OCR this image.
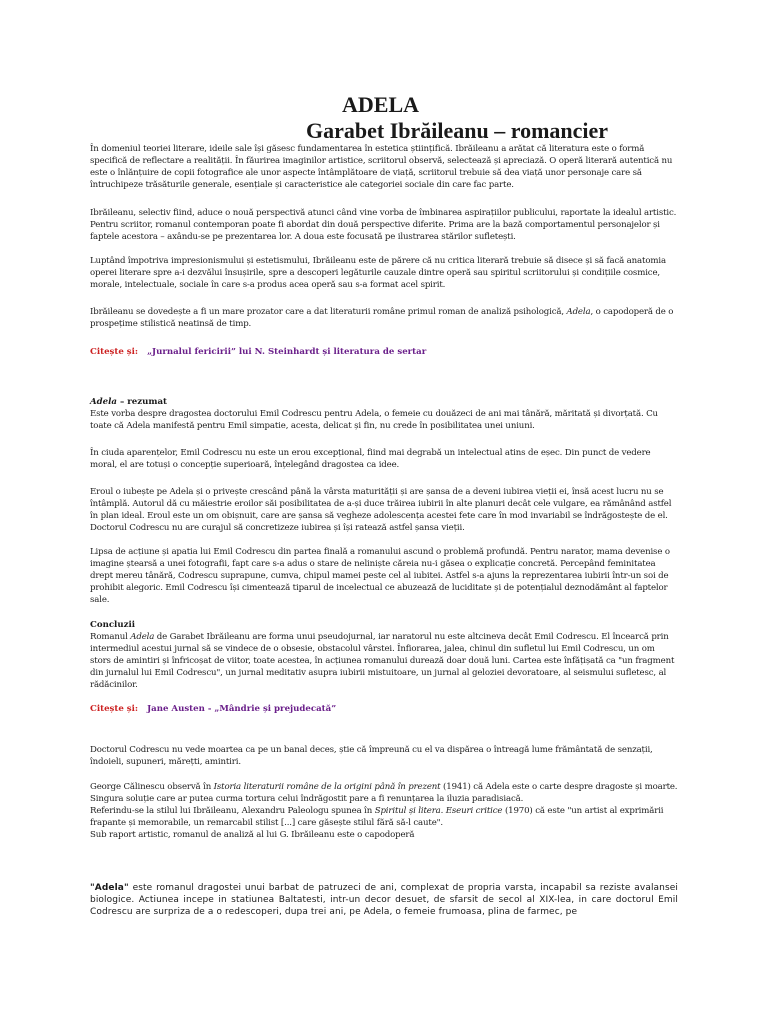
ADELA
Garabet Ibrăileanu – romancier

În domeniul teoriei literare, ideile sale își găsesc fundamentarea în estetica științifică. Ibrăileanu a arătat că literatura este o formă specifică de reflectare a realității. În făurirea imaginilor artistice, scriitorul observă, selectează și apreciază. O operă literară autentică nu este o înlănțuire de copii fotografice ale unor aspecte întâmplătoare de viață, scriitorul trebuie să dea viață unor personaje care să întruchipeze trăsăturile generale, esențiale și caracteristice ale categoriei sociale din care fac parte.

Ibrăileanu, selectiv fiind, aduce o nouă perspectivă atunci când vine vorba de îmbinarea aspirațiilor publicului, raportate la idealul artistic. Pentru scriitor, romanul contemporan poate fi abordat din două perspective diferite. Prima are la bază comportamentul personajelor și faptele acestora – axându-se pe prezentarea lor. A doua este focusată pe ilustrarea stărilor sufletești.

Luptând împotriva impresionismului și estetismului, Ibrăileanu este de părere că nu critica literară trebuie să disece și să facă anatomia operei literare spre a-i dezvălui însușirile, spre a descoperi legăturile cauzale dintre operă sau spiritul scriitorului și condițiile cosmice, morale, intelectuale, sociale în care s-a produs acea operă sau s-a format acel spirit.

Ibrăileanu se dovedește a fi un mare prozator care a dat literaturii române primul roman de analiză psihologică, Adela, o capodoperă de o prospețime stilistică neatinsă de timp.

Citește și: „Jurnalul fericirii” lui N. Steinhardt și literatura de sertar
Adela – rezumat

Este vorba despre dragostea doctorului Emil Codrescu pentru Adela, o femeie cu douăzeci de ani mai tânără, măritată și divorțată. Cu toate că Adela manifestă pentru Emil simpatie, acesta, delicat și fin, nu crede în posibilitatea unei uniuni.

În ciuda aparențelor, Emil Codrescu nu este un erou excepțional, fiind mai degrabă un intelectual atins de eșec. Din punct de vedere moral, el are totuși o concepție superioară, înțelegând dragostea ca idee.

Eroul o iubește pe Adela și o privește crescând până la vârsta maturității și are șansa de a deveni iubirea vieții ei, însă acest lucru nu se întâmplă. Autorul dă cu măiestrie eroilor săi posibilitatea de a-și duce trăirea iubirii în alte planuri decât cele vulgare, ea rămânând astfel în plan ideal. Eroul este un om obișnuit, care are șansa să vegheze adolescența acestei fete care în mod invariabil se îndrăgostește de el. Doctorul Codrescu nu are curajul să concretizeze iubirea și își ratează astfel șansa vieții.

Lipsa de acțiune și apatia lui Emil Codrescu din partea finală a romanului ascund o problemă profundă. Pentru narator, mama devenise o imagine ștearsă a unei fotografii, fapt care s-a adus o stare de neliniște căreia nu-i găsea o explicație concretă. Percepând feminitatea drept mereu tânără, Codrescu suprapune, cumva, chipul mamei peste cel al iubitei. Astfel s-a ajuns la reprezentarea iubirii într-un soi de prohibit alegoric. Emil Codrescu își cimentează tiparul de incelectual ce abuzează de luciditate și de potențialul deznodământ al faptelor sale.

Concluzii

Romanul Adela de Garabet Ibrăileanu are forma unui pseudojurnal, iar naratorul nu este altcineva decât Emil Codrescu. El încearcă prin intermediul acestui jurnal să se vindece de o obsesie, obstacolul vârstei. Înfiorarea, jalea, chinul din sufletul lui Emil Codrescu, un om stors de amintiri și înfricoșat de viitor, toate acestea, în acțiunea romanului durează doar două luni. Cartea este înfățișată ca "un fragment din jurnalul lui Emil Codrescu", un jurnal meditativ asupra iubirii mistuitoare, un jurnal al geloziei devoratoare, al seismului sufletesc, al rădăcinilor.

Citește și: Jane Austen - „Mândrie și prejudecată”

Doctorul Codrescu nu vede moartea ca pe un banal deces, știe că împreună cu el va dispărea o întreagă lume frământată de senzații, îndoieli, supuneri, mărețti, amintiri.

George Călinescu observă în Istoria literaturii române de la origini până în prezent (1941) că Adela este o carte despre dragoste și moarte. Singura soluție care ar putea curma tortura celui îndrăgostit pare a fi renunțarea la iluzia paradisiacă.

Referindu-se la stilul lui Ibrăileanu, Alexandru Paleologu spunea în Spiritul și litera. Eseuri critice (1970) că este "un artist al exprimării frapante și memorabile, un remarcabil stilist [...] care găsește stilul fără să-l caute".

Sub raport artistic, romanul de analiză al lui G. Ibrăileanu este o capodoperă

"Adela" este romanul dragostei unui barbat de patruzeci de ani, complexat de propria varsta, incapabil sa reziste avalansei biologice. Actiunea incepe in statiunea Baltatesti, intr-un decor desuet, de sfarsit de secol al XIX-lea, in care doctorul Emil Codrescu are surpriza de a o redescoperi, dupa trei ani, pe Adela, o femeie frumoasa, plina de farmec, pe
